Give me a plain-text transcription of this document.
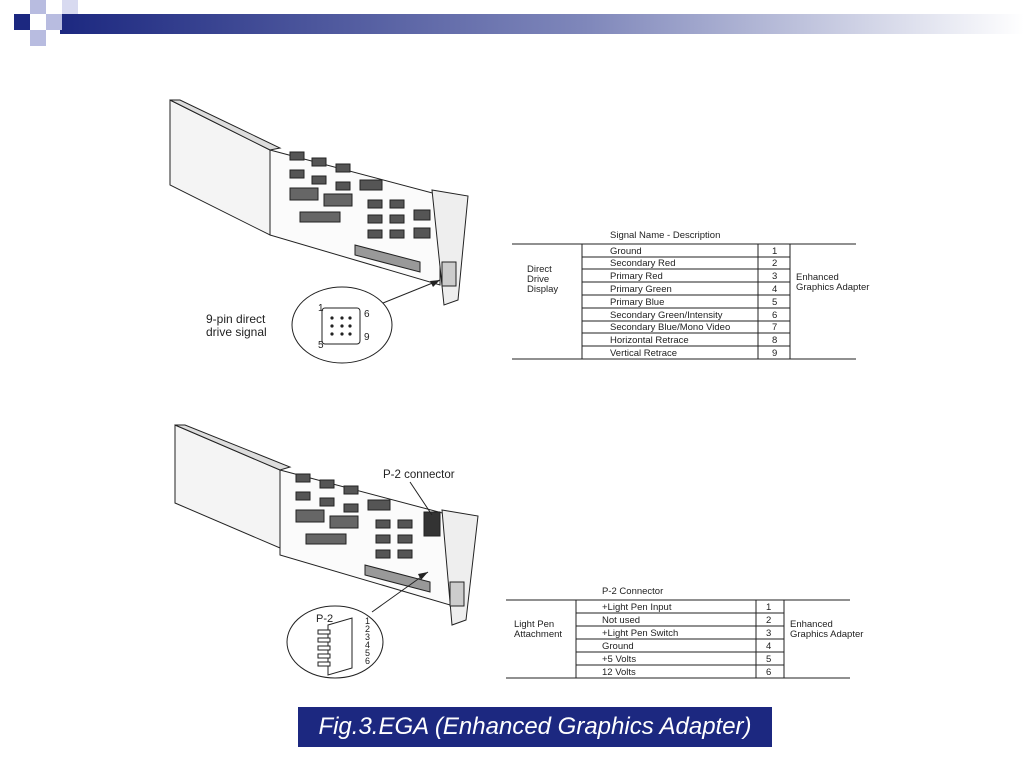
1
6
5
9
9-pin direct
drive signal
Signal Name - Description
Direct
Drive
Display
Enhanced
Graphics Adapter
Ground	1
Secondary Red	2
Primary Red	3
Primary Green	4
Primary Blue	5
Secondary Green/Intensity	6
Secondary Blue/Mono Video	7
Horizontal Retrace	8
Vertical Retrace	9
P-2 connector
P-2	1
2
3
4
5
6
P-2 Connector
Light Pen
Attachment
Enhanced
Graphics Adapter
+Light Pen Input	1
Not used	2
+Light Pen Switch	3
Ground	4
+5 Volts	5
12 Volts	6
Fig.3.EGA (Enhanced Graphics Adapter)
